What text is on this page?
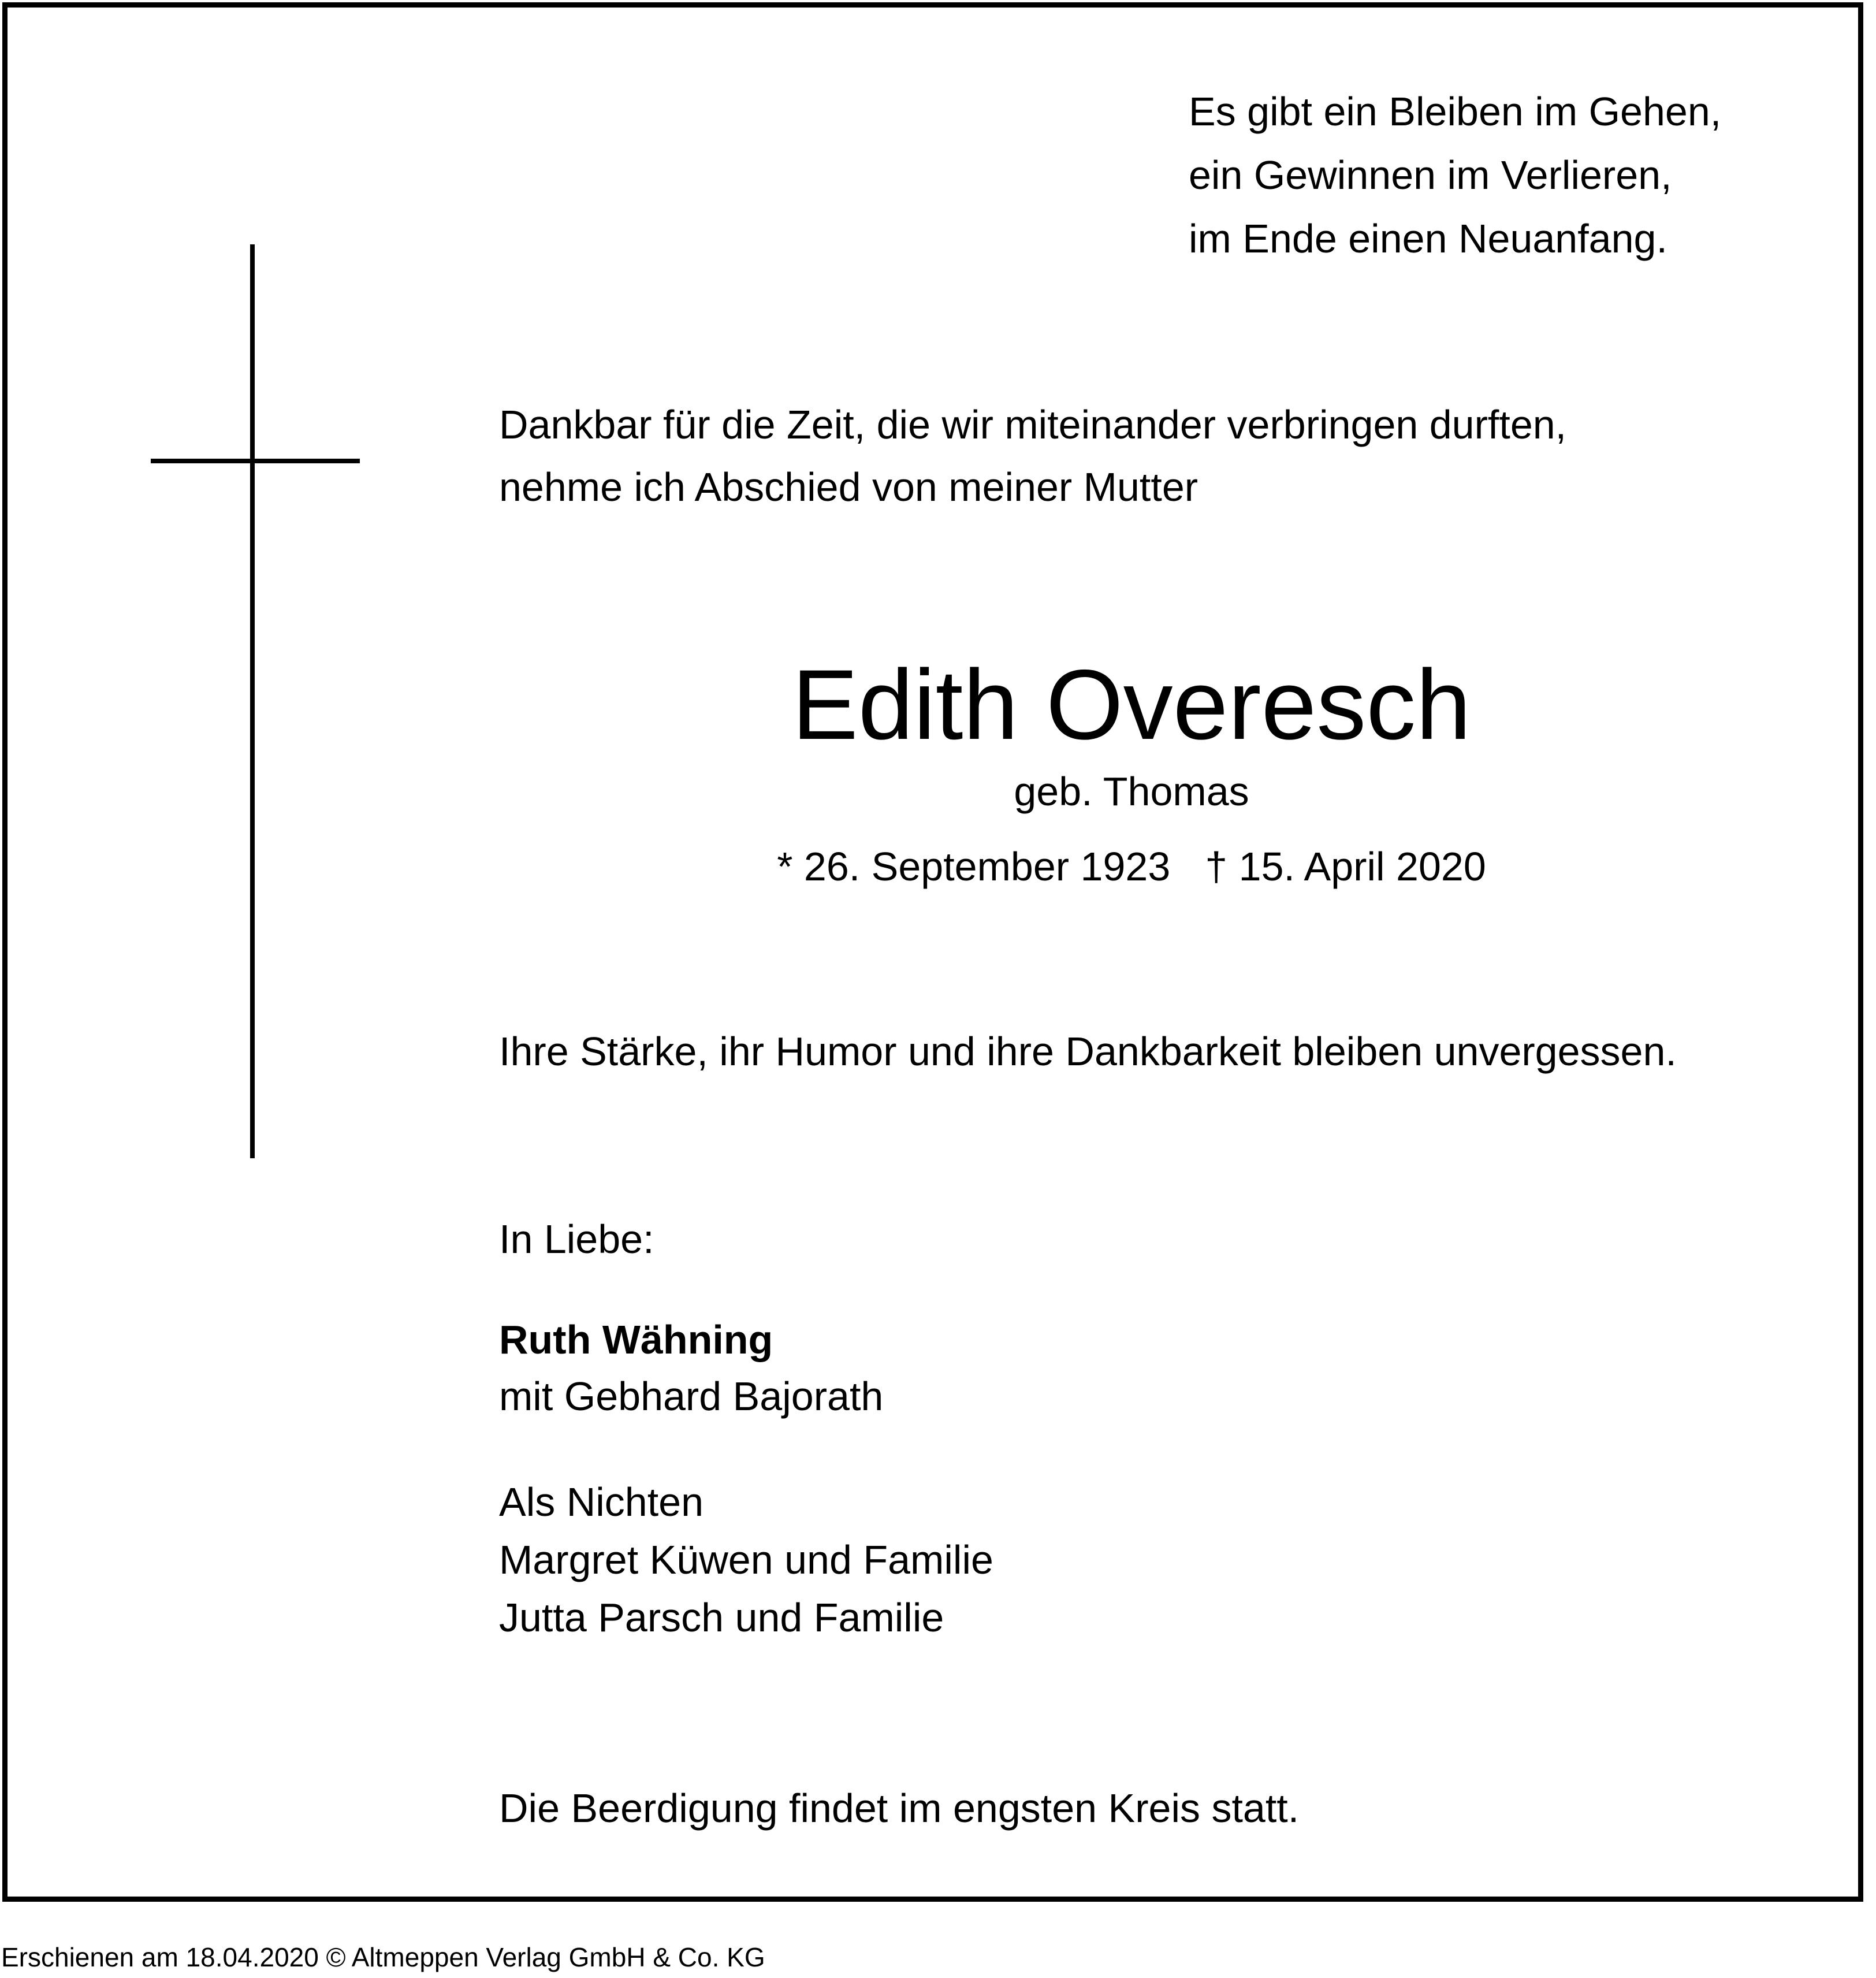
Es gibt ein Bleiben im Gehen,
ein Gewinnen im Verlieren,
im Ende einen Neuanfang.
Dankbar für die Zeit, die wir miteinander verbringen durften,
nehme ich Abschied von meiner Mutter
Edith Overesch
geb. Thomas
* 26. September 1923 † 15. April 2020
Ihre Stärke, ihr Humor und ihre Dankbarkeit bleiben unvergessen.
In Liebe:
Ruth Wähning
mit Gebhard Bajorath
Als Nichten
Margret Küwen und Familie
Jutta Parsch und Familie
Die Beerdigung findet im engsten Kreis statt.
Erschienen am 18.04.2020 © Altmeppen Verlag GmbH & Co. KG
